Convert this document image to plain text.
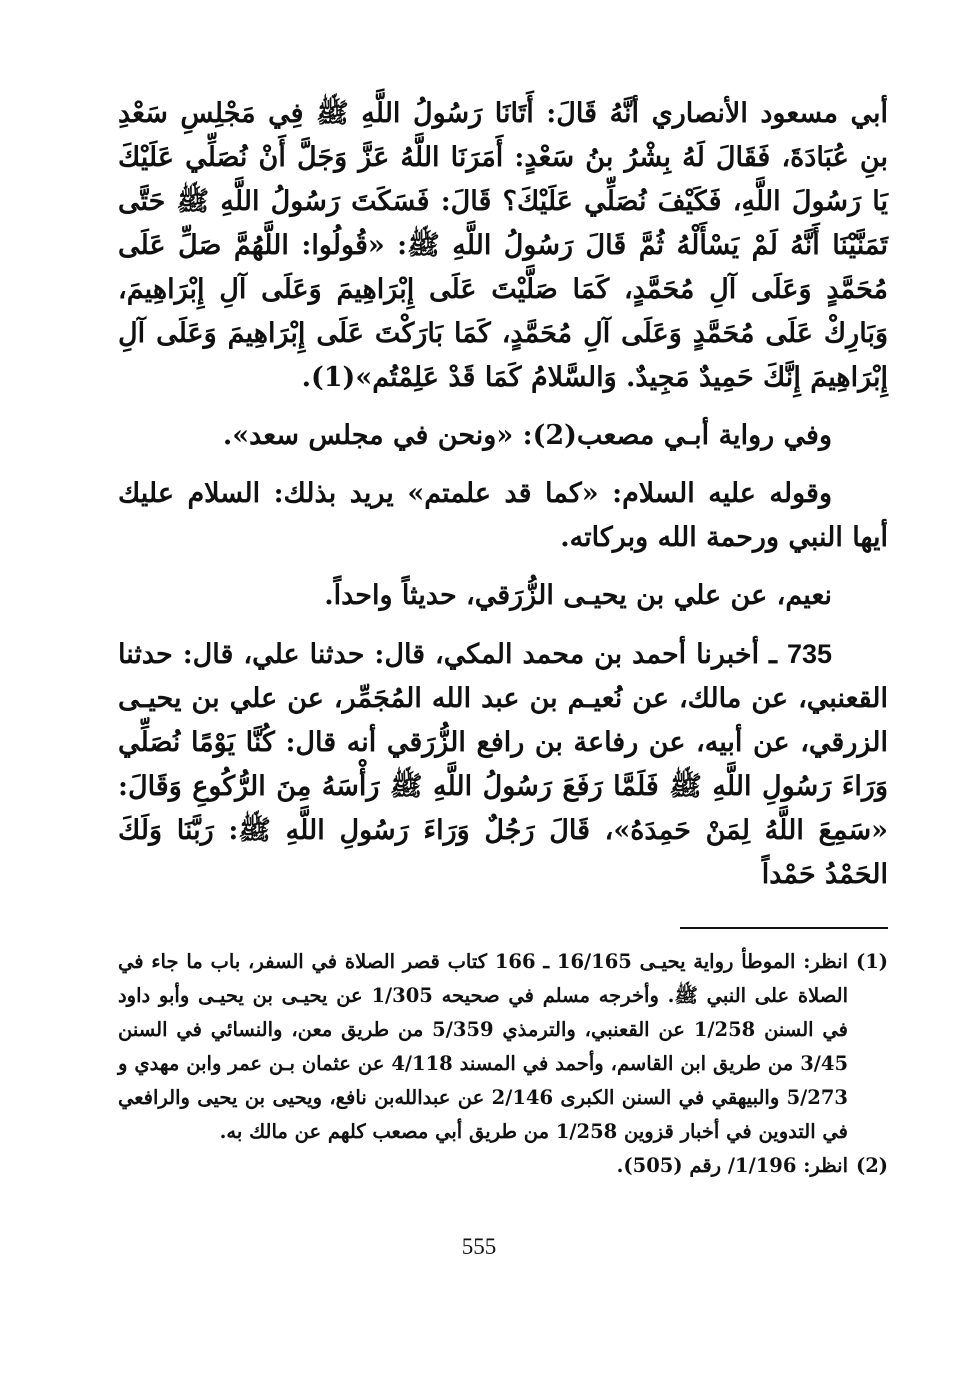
أبي مسعود الأنصاري أنَّهُ قَالَ: أَتَانَا رَسُولُ اللَّهِ ﷺ فِي مَجْلِسِ سَعْدِ بنِ عُبَادَةَ، فَقَالَ لَهُ بِشْرُ بنُ سَعْدٍ: أَمَرَنَا اللَّهُ عَزَّ وَجَلَّ أَنْ نُصَلِّي عَلَيْكَ يَا رَسُولَ اللَّهِ، فَكَيْفَ نُصَلِّي عَلَيْكَ؟ قَالَ: فَسَكَتَ رَسُولُ اللَّهِ ﷺ حَتَّى تَمَنَّيْنَا أَنَّهُ لَمْ يَسْأَلْهُ ثُمَّ قَالَ رَسُولُ اللَّهِ ﷺ: «قُولُوا: اللَّهُمَّ صَلِّ عَلَى مُحَمَّدٍ وَعَلَى آلِ مُحَمَّدٍ، كَمَا صَلَّيْتَ عَلَى إِبْرَاهِيمَ وَعَلَى آلِ إِبْرَاهِيمَ، وَبَارِكْ عَلَى مُحَمَّدٍ وَعَلَى آلِ مُحَمَّدٍ، كَمَا بَارَكْتَ عَلَى إِبْرَاهِيمَ وَعَلَى آلِ إِبْرَاهِيمَ إِنَّكَ حَمِيدٌ مَجِيدٌ. وَالسَّلامُ كَمَا قَدْ عَلِمْتُم»(1).

وفي رواية أبـي مصعب(2): «ونحن في مجلس سعد».

وقوله عليه السلام: «كما قد علمتم» يريد بذلك: السلام عليك أيها النبي ورحمة الله وبركاته.

نعيم، عن علي بن يحيـى الزُّرَقي، حديثاً واحداً.

735 ـ أخبرنا أحمد بن محمد المكي، قال: حدثنا علي، قال: حدثنا القعنبي، عن مالك، عن نُعيـم بن عبد الله المُجَمِّر، عن علي بن يحيـى الزرقي، عن أبيه، عن رفاعة بن رافع الزُّرَقي أنه قال: كُنَّا يَوْمًا نُصَلِّي وَرَاءَ رَسُولِ اللَّهِ ﷺ فَلَمَّا رَفَعَ رَسُولُ اللَّهِ ﷺ رَأْسَهُ مِنَ الرُّكُوعِ وَقَالَ: «سَمِعَ اللَّهُ لِمَنْ حَمِدَهُ»، قَالَ رَجُلٌ وَرَاءَ رَسُولِ اللَّهِ ﷺ: رَبَّنَا وَلَكَ الحَمْدُ حَمْداً

(1)
انظر: الموطأ رواية يحيـى 16/165 ـ 166 كتاب قصر الصلاة في السفر، باب ما جاء في الصلاة على النبي ﷺ. وأخرجه مسلم في صحيحه 1/305 عن يحيـى بن يحيـى وأبو داود في السنن 1/258 عن القعنبي، والترمذي 5/359 من طريق معن، والنسائي في السنن 3/45 من طريق ابن القاسم، وأحمد في المسند 4/118 عن عثمان بـن عمر وابن مهدي و 5/273 والبيهقي في السنن الكبرى 2/146 عن عبدالله‌بن نافع، ويحيى بن يحيى والرافعي في التدوين في أخبار قزوين 1/258 من طريق أبي مصعب كلهم عن مالك به.
(2)
انظر: 1/196/ رقم (505).
555
